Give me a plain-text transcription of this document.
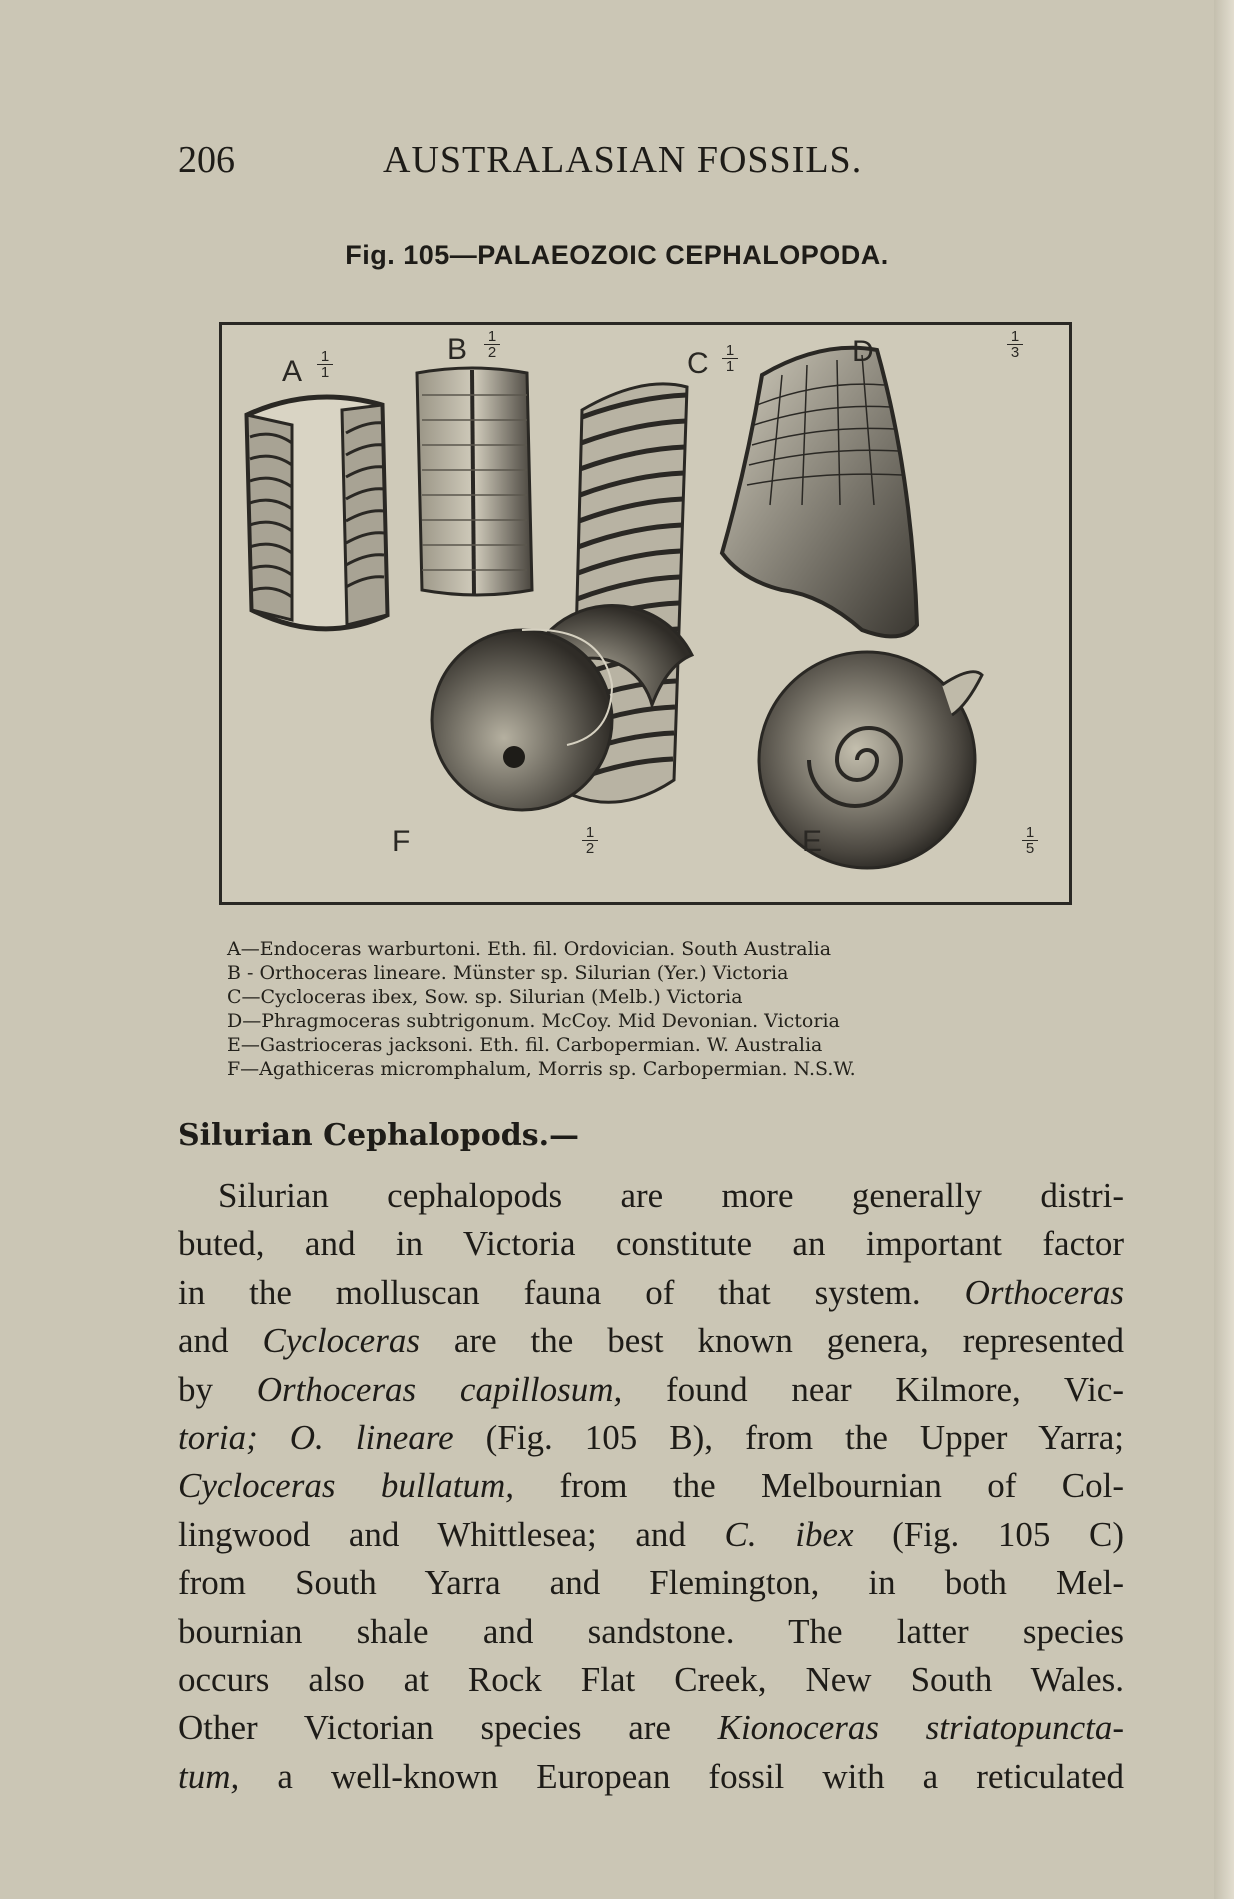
206	AUSTRALASIAN FOSSILS.
Fig. 105—PALAEOZOIC CEPHALOPODA.
A $\frac{1}{1}$	B $\frac{1}{2}$
C $\frac{1}{1}$	D	$\frac{1}{3}$
E	$\frac{1}{5}$
F	$\frac{1}{2}$
A—Endoceras warburtoni. Eth. fil. Ordovician. South Australia
B - Orthoceras lineare. Münster sp. Silurian (Yer.) Victoria
C—Cycloceras ibex, Sow. sp. Silurian (Melb.) Victoria
D—Phragmoceras subtrigonum. McCoy. Mid Devonian. Victoria
E—Gastrioceras jacksoni. Eth. fil. Carbopermian. W. Australia
F—Agathiceras micromphalum, Morris sp. Carbopermian. N.S.W.
Silurian Cephalopods.—
Silurian cephalopods are more generally distri-
buted, and in Victoria constitute an important factor
in the molluscan fauna of that system. Orthoceras
and Cycloceras are the best known genera, represented
by Orthoceras capillosum, found near Kilmore, Vic-
toria; O. lineare (Fig. 105 B), from the Upper Yarra;
Cycloceras bullatum, from the Melbournian of Col-
lingwood and Whittlesea; and C. ibex (Fig. 105 C)
from South Yarra and Flemington, in both Mel-
bournian shale and sandstone. The latter species
occurs also at Rock Flat Creek, New South Wales.
Other Victorian species are Kionoceras striatopuncta-
tum, a well-known European fossil with a reticulated
